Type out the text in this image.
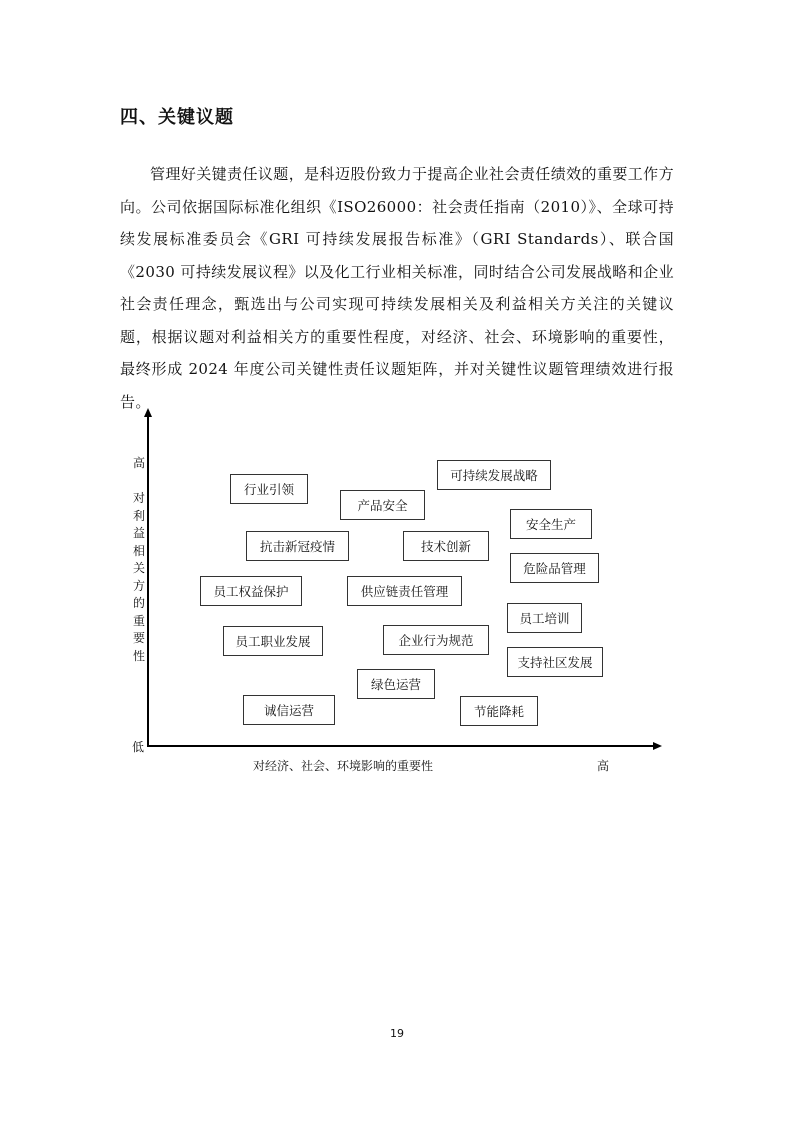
四、关键议题
管理好关键责任议题，是科迈股份致力于提高企业社会责任绩效的重要工作方向。公司依据国际标准化组织《ISO26000：社会责任指南（2010）》、全球可持续发展标准委员会《GRI 可持续发展报告标准》（GRI Standards）、联合国《2030 可持续发展议程》以及化工行业相关标准，同时结合公司发展战略和企业社会责任理念，甄选出与公司实现可持续发展相关及利益相关方关注的关键议题，根据议题对利益相关方的重要性程度，对经济、社会、环境影响的重要性，最终形成 2024 年度公司关键性责任议题矩阵，并对关键性议题管理绩效进行报告。
高
对利益相关方的重要性
低
对经济、社会、环境影响的重要性	高
可持续发展战略
行业引领
产品安全
安全生产
抗击新冠疫情	技术创新
危险品管理
员工权益保护	供应链责任管理
员工培训
员工职业发展	企业行为规范
支持社区发展
绿色运营
诚信运营	节能降耗
19
